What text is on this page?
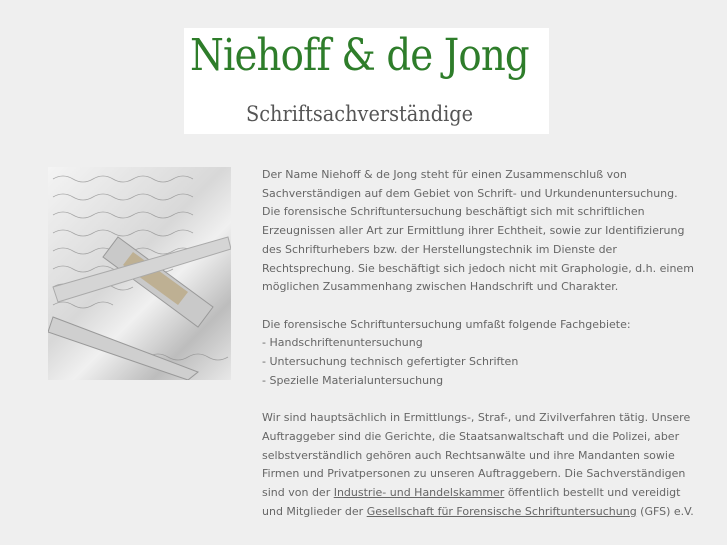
Niehoff & de Jong
Schriftsachverständige
Der Name Niehoff & de Jong steht für einen Zusammenschluß von
Sachverständigen auf dem Gebiet von Schrift- und Urkundenuntersuchung.
Die forensische Schriftuntersuchung beschäftigt sich mit schriftlichen
Erzeugnissen aller Art zur Ermittlung ihrer Echtheit, sowie zur Identifizierung
des Schrifturhebers bzw. der Herstellungstechnik im Dienste der
Rechtsprechung. Sie beschäftigt sich jedoch nicht mit Graphologie, d.h. einem
möglichen Zusammenhang zwischen Handschrift und Charakter.
Die forensische Schriftuntersuchung umfaßt folgende Fachgebiete:
- Handschriftenuntersuchung
- Untersuchung technisch gefertigter Schriften
- Spezielle Materialuntersuchung
Wir sind hauptsächlich in Ermittlungs-, Straf-, und Zivilverfahren tätig. Unsere
Auftraggeber sind die Gerichte, die Staatsanwaltschaft und die Polizei, aber
selbstverständlich gehören auch Rechtsanwälte und ihre Mandanten sowie
Firmen und Privatpersonen zu unseren Auftraggebern. Die Sachverständigen
sind von der Industrie- und Handelskammer öffentlich bestellt und vereidigt
und Mitglieder der Gesellschaft für Forensische Schriftuntersuchung (GFS) e.V.
